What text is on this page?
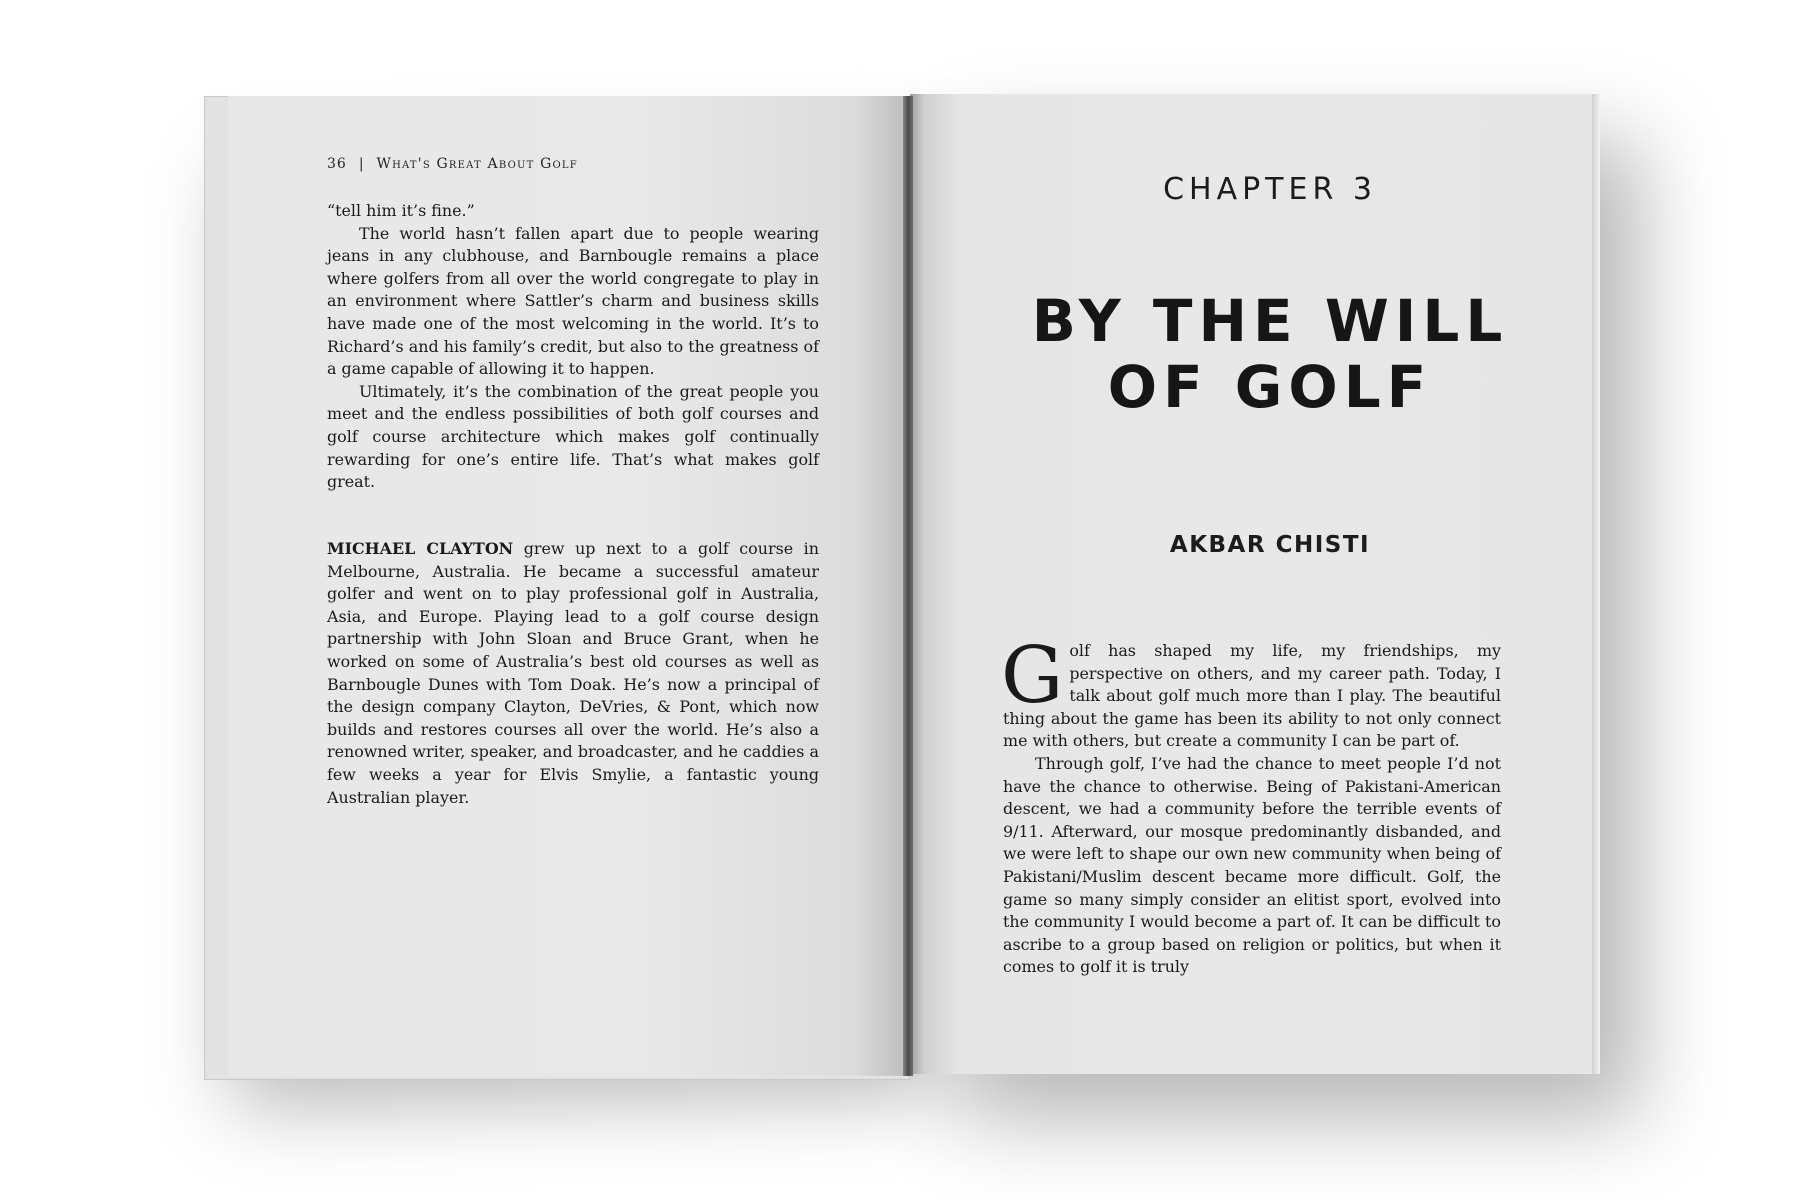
36 | What's Great About Golf

“tell him it’s fine.”

The world hasn’t fallen apart due to people wearing jeans in any clubhouse, and Barnbougle remains a place where golfers from all over the world congregate to play in an environment where Sattler’s charm and business skills have made one of the most welcoming in the world. It’s to Richard’s and his family’s credit, but also to the greatness of a game capable of allowing it to happen.

Ultimately, it’s the combination of the great people you meet and the endless possibilities of both golf courses and golf course architecture which makes golf continually rewarding for one’s entire life. That’s what makes golf great.

MICHAEL CLAYTON grew up next to a golf course in Melbourne, Australia. He became a successful amateur golfer and went on to play professional golf in Australia, Asia, and Europe. Playing lead to a golf course design partnership with John Sloan and Bruce Grant, when he worked on some of Australia’s best old courses as well as Barnbougle Dunes with Tom Doak. He’s now a principal of the design company Clayton, DeVries, & Pont, which now builds and restores courses all over the world. He’s also a renowned writer, speaker, and broadcaster, and he caddies a few weeks a year for Elvis Smylie, a fantastic young Australian player.

CHAPTER 3
BY THE WILL
OF GOLF
AKBAR CHISTI

Golf has shaped my life, my friendships, my perspective on others, and my career path. Today, I talk about golf much more than I play. The beautiful thing about the game has been its ability to not only connect me with others, but create a community I can be part of.

Through golf, I’ve had the chance to meet people I’d not have the chance to otherwise. Being of Pakistani-American descent, we had a community before the terrible events of 9/11. Afterward, our mosque predominantly disbanded, and we were left to shape our own new community when being of Pakistani/Muslim descent became more difficult. Golf, the game so many simply consider an elitist sport, evolved into the community I would become a part of. It can be difficult to ascribe to a group based on religion or politics, but when it comes to golf it is truly
